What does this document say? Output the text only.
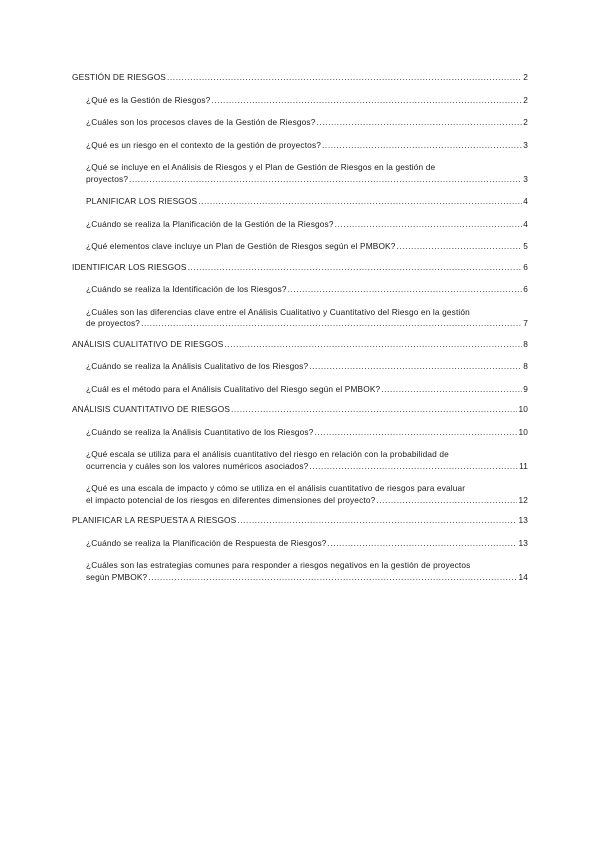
GESTIÓN DE RIESGOS .....	2
¿Qué es la Gestión de Riesgos? .....	2
¿Cuáles son los procesos claves de la Gestión de Riesgos? .....	2
¿Qué es un riesgo en el contexto de la gestión de proyectos? .....	3
¿Qué se incluye en el Análisis de Riesgos y el Plan de Gestión de Riesgos en la gestión de
proyectos? .....	3
PLANIFICAR LOS RIESGOS .....	4
¿Cuándo se realiza la Planificación de la Gestión de la Riesgos? .....	4
¿Qué elementos clave incluye un Plan de Gestión de Riesgos según el PMBOK? .....	5
IDENTIFICAR LOS RIESGOS .....	6
¿Cuándo se realiza la Identificación de los Riesgos? .....	6
¿Cuáles son las diferencias clave entre el Análisis Cualitativo y Cuantitativo del Riesgo en la gestión
de proyectos? .....	7
ANÁLISIS CUALITATIVO DE RIESGOS .....	8
¿Cuándo se realiza la Análisis Cualitativo de los Riesgos? .....	8
¿Cuál es el método para el Análisis Cualitativo del Riesgo según el PMBOK? .....	9
ANÁLISIS CUANTITATIVO DE RIESGOS .....	10
¿Cuándo se realiza la Análisis Cuantitativo de los Riesgos? .....	10
¿Qué escala se utiliza para el análisis cuantitativo del riesgo en relación con la probabilidad de
ocurrencia y cuáles son los valores numéricos asociados? .....	11
¿Qué es una escala de impacto y cómo se utiliza en el análisis cuantitativo de riesgos para evaluar
el impacto potencial de los riesgos en diferentes dimensiones del proyecto? .....	12
PLANIFICAR LA RESPUESTA A RIESGOS .....	13
¿Cuándo se realiza la Planificación de Respuesta de Riesgos? .....	13
¿Cuáles son las estrategias comunes para responder a riesgos negativos en la gestión de proyectos
según PMBOK? .....	14
